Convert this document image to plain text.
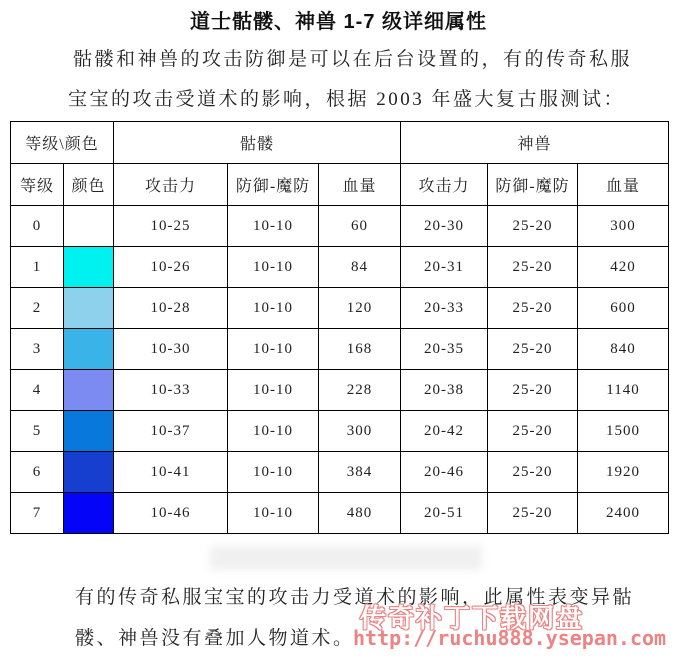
道士骷髅、神兽 1-7 级详细属性
骷髅和神兽的攻击防御是可以在后台设置的，有的传奇私服
宝宝的攻击受道术的影响，根据 2003 年盛大复古服测试：
等级\颜色		骷髅			神兽		
等级	颜色	攻击力	防御-魔防	血量	攻击力	防御-魔防	血量
0		10-25	10-10	60	20-30	25-20	300
1		10-26	10-10	84	20-31	25-20	420
2		10-28	10-10	120	20-33	25-20	600
3		10-30	10-10	168	20-35	25-20	840
4		10-33	10-10	228	20-38	25-20	1140
5		10-37	10-10	300	20-42	25-20	1500
6		10-41	10-10	384	20-46	25-20	1920
7		10-46	10-10	480	20-51	25-20	2400
有的传奇私服宝宝的攻击力受道术的影响，此属性表变异骷
髅、神兽没有叠加人物道术。
传奇补丁下载网盘
http://ruchu888.ysepan.com
